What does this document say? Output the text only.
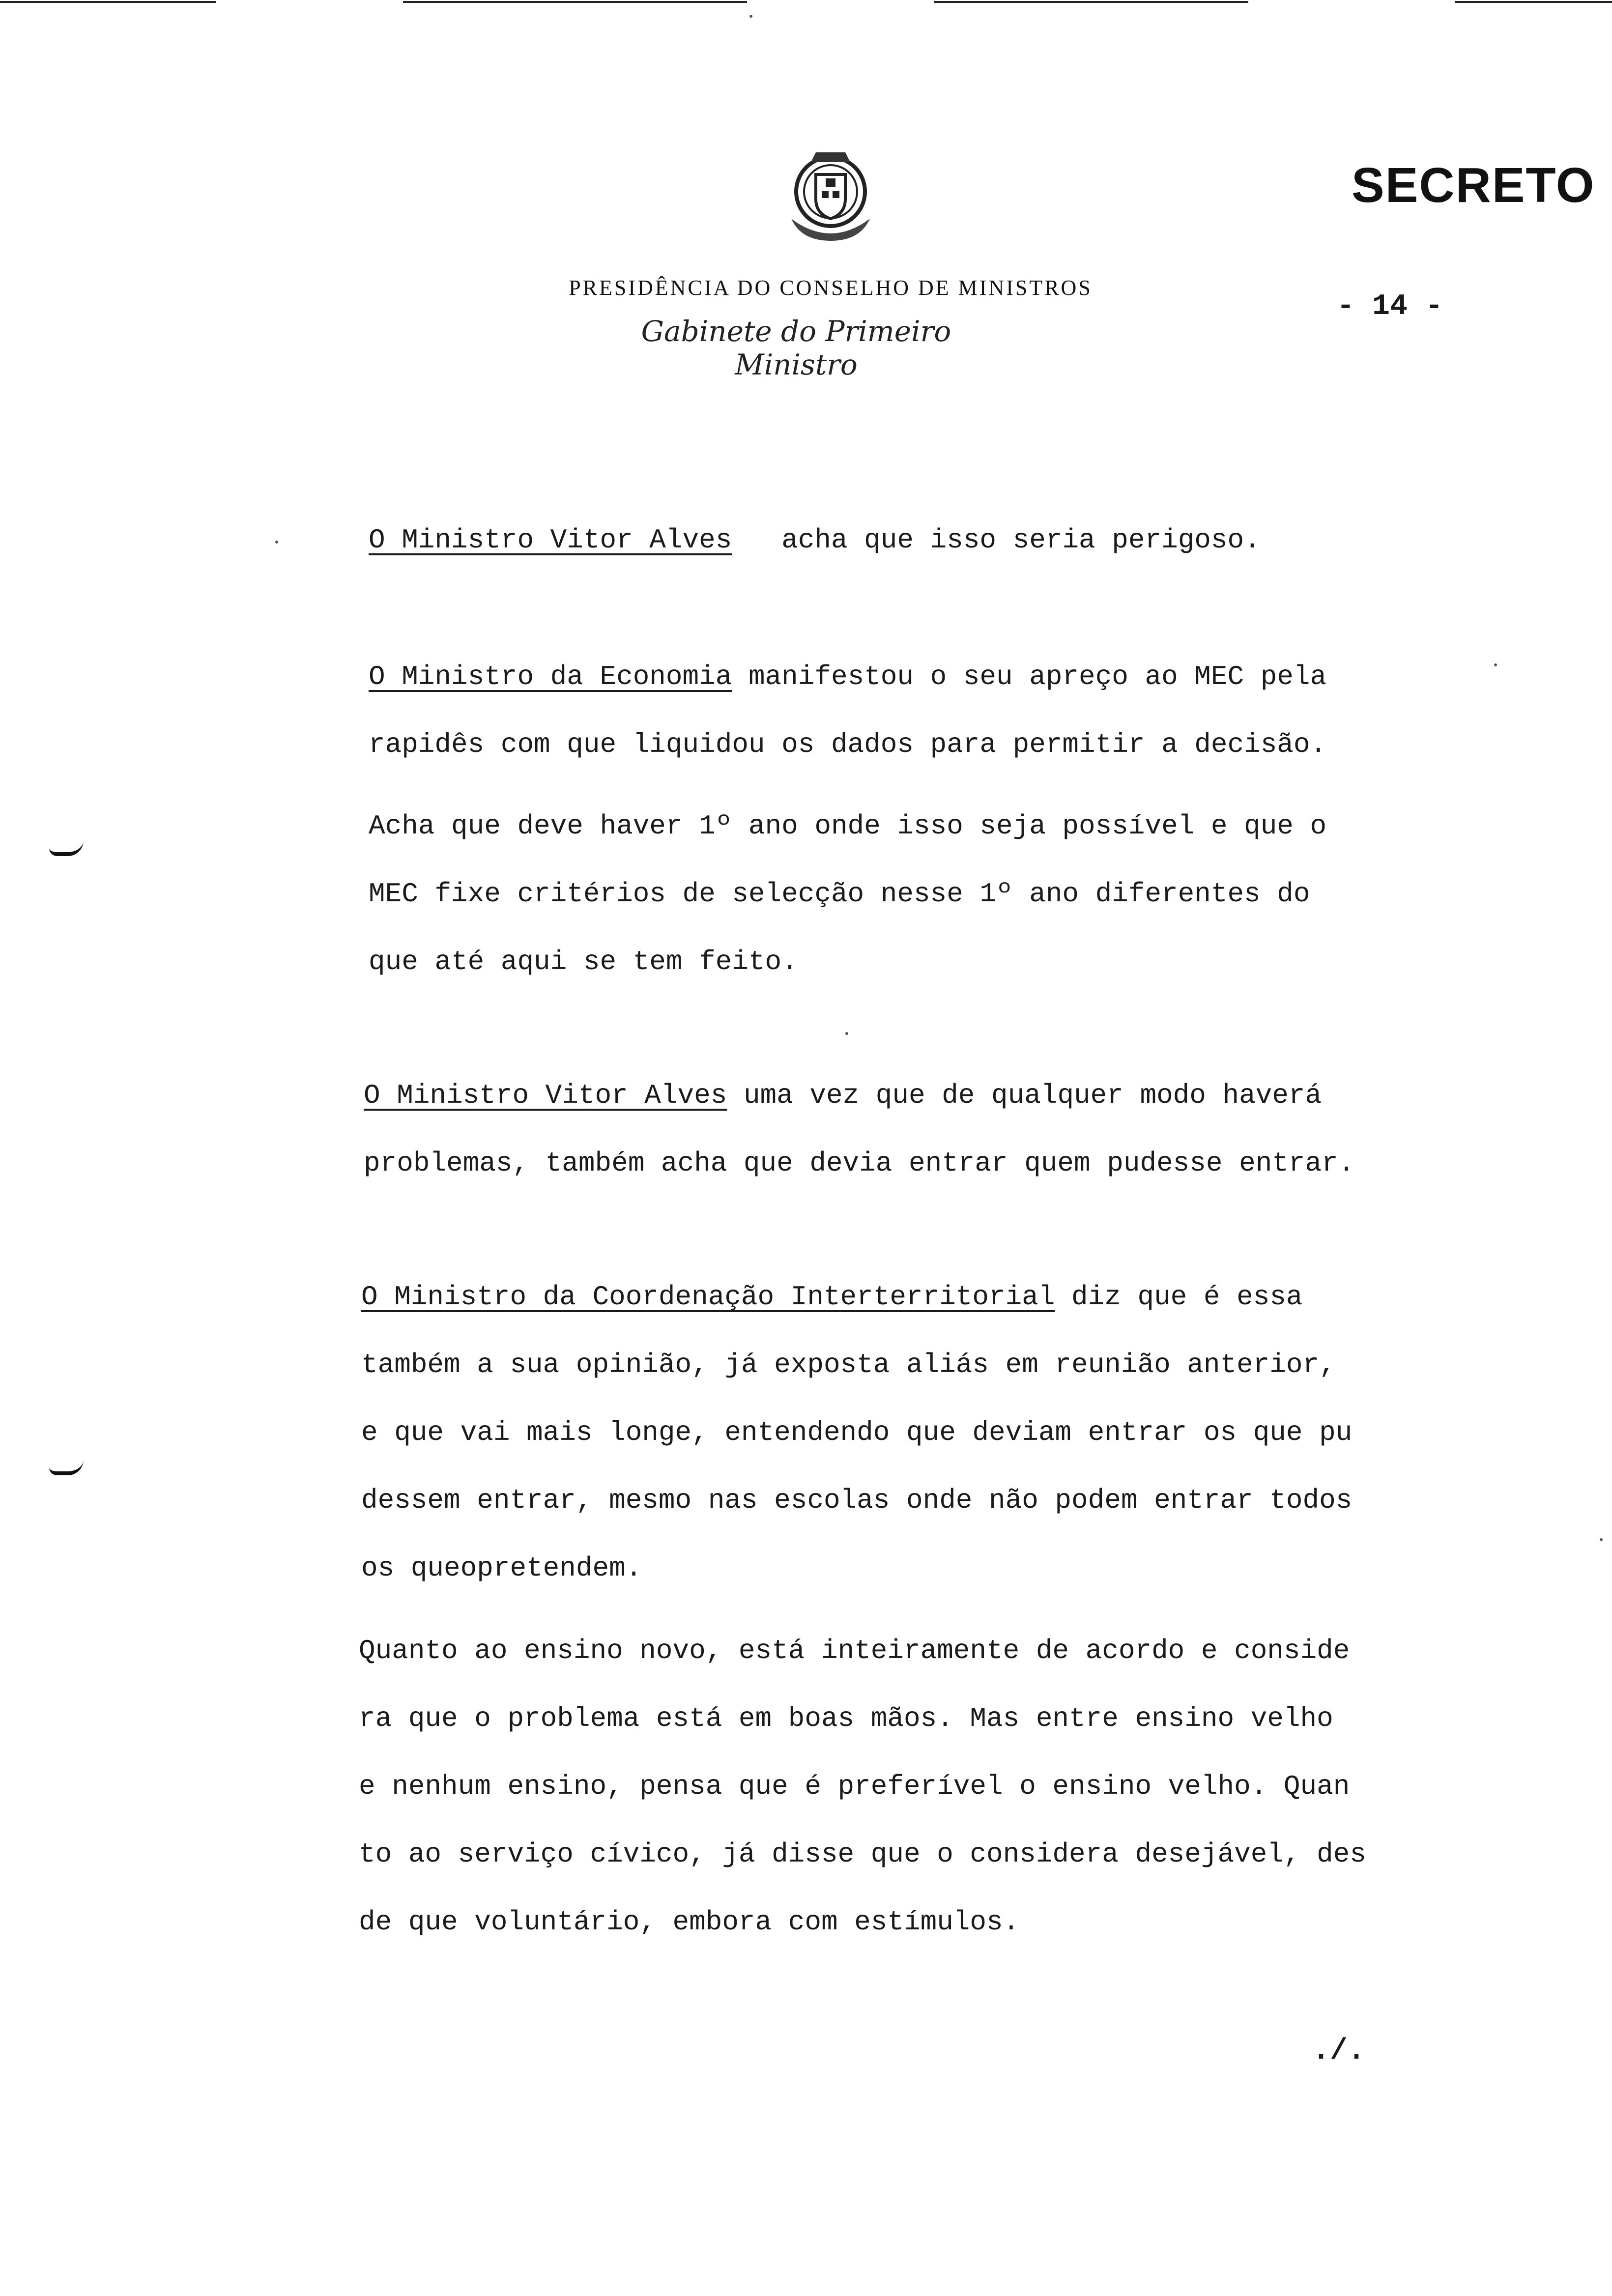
SECRETO
PRESIDÊNCIA DO CONSELHO DE MINISTROS
Gabinete do Primeiro Ministro
- 14 -
O Ministro Vitor Alves acha que isso seria perigoso.
O Ministro da Economia manifestou o seu apreço ao MEC pela
rapidês com que liquidou os dados para permitir a decisão.
Acha que deve haver 1º ano onde isso seja possível e que o
MEC fixe critérios de selecção nesse 1º ano diferentes do
que até aqui se tem feito.
O Ministro Vitor Alves uma vez que de qualquer modo haverá
problemas, também acha que devia entrar quem pudesse entrar.
O Ministro da Coordenação Interterritorial diz que é essa
também a sua opinião, já exposta aliás em reunião anterior,
e que vai mais longe, entendendo que deviam entrar os que pu
dessem entrar, mesmo nas escolas onde não podem entrar todos
os queopretendem.
Quanto ao ensino novo, está inteiramente de acordo e conside
ra que o problema está em boas mãos. Mas entre ensino velho
e nenhum ensino, pensa que é preferível o ensino velho. Quan
to ao serviço cívico, já disse que o considera desejável, des
de que voluntário, embora com estímulos.
./.
